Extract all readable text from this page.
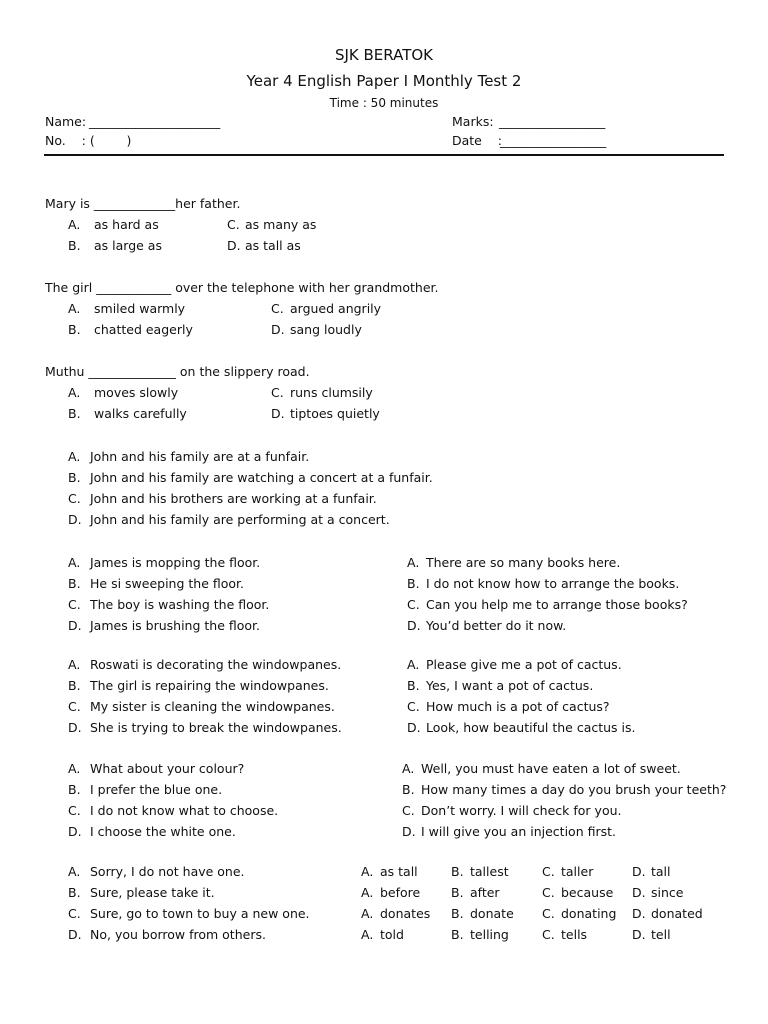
SJK BERATOK
Year 4 English Paper I Monthly Test 2
Time : 50 minutes
Name: _____________________	Marks: _________________
No.    : (        )	Date    :
_________________
Mary is _____________her father.
A. as hard as	C. as many as
B. as large as	D. as tall as
The girl ____________ over the telephone with her grandmother.
A. smiled warmly	C. argued angrily
B. chatted eagerly	D. sang loudly
Muthu ______________ on the slippery road.
A. moves slowly	C. runs clumsily
B. walks carefully	D. tiptoes quietly
A. John and his family are at a funfair.
B. John and his family are watching a concert at a funfair.
C. John and his brothers are working at a funfair.
D. John and his family are performing at a concert.
A. James is mopping the floor.
B. He si sweeping the floor.
C. The boy is washing the floor.
D. James is brushing the floor.
A. There are so many books here.
B. I do not know how to arrange the books.
C. Can you help me to arrange those books?
D. You’d better do it now.
A. Roswati is decorating the windowpanes.
B. The girl is repairing the windowpanes.
C. My sister is cleaning the windowpanes.
D. She is trying to break the windowpanes.
A. Please give me a pot of cactus.
B. Yes, I want a pot of cactus.
C. How much is a pot of cactus?
D. Look, how beautiful the cactus is.
A. What about your colour?
B. I prefer the blue one.
C. I do not know what to choose.
D. I choose the white one.
A. Well, you must have eaten a lot of sweet.
B. How many times a day do you brush your teeth?
C. Don’t worry. I will check for you.
D. I will give you an injection first.
A. Sorry, I do not have one.
B. Sure, please take it.
C. Sure, go to town to buy a new one.
D. No, you borrow from others.
A. as tall	B. tallest	C. taller	D. tall
A. before B. after	C. because D. since
A. donates B. donate C. donating D. donated
A. told	B. telling	C. tells	D. tell
